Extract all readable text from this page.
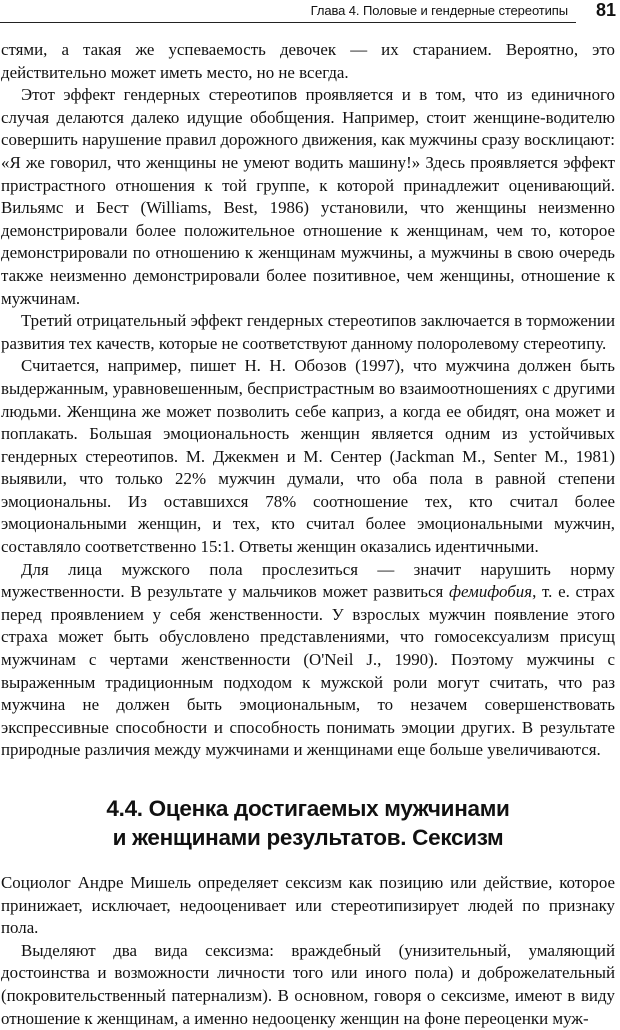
Глава 4. Половые и гендерные стереотипы 81

стями, а такая же успеваемость девочек — их старанием. Вероятно, это действительно может иметь место, но не всегда.

Этот эффект гендерных стереотипов проявляется и в том, что из единичного случая делаются далеко идущие обобщения. Например, стоит женщине-водителю совершить нарушение правил дорожного движения, как мужчины сразу восклицают: «Я же говорил, что женщины не умеют водить машину!» Здесь проявляется эффект пристрастного отношения к той группе, к которой принадлежит оценивающий. Вильямс и Бест (Williams, Best, 1986) установили, что женщины неизменно демонстрировали более положительное отношение к женщинам, чем то, которое демонстрировали по отношению к женщинам мужчины, а мужчины в свою очередь также неизменно демонстрировали более позитивное, чем женщины, отношение к мужчинам.

Третий отрицательный эффект гендерных стереотипов заключается в торможении развития тех качеств, которые не соответствуют данному полоролевому стереотипу.

Считается, например, пишет Н. Н. Обозов (1997), что мужчина должен быть выдержанным, уравновешенным, беспристрастным во взаимоотношениях с другими людьми. Женщина же может позволить себе каприз, а когда ее обидят, она может и поплакать. Большая эмоциональность женщин является одним из устойчивых гендерных стереотипов. М. Джекмен и М. Сентер (Jackman M., Senter M., 1981) выявили, что только 22% мужчин думали, что оба пола в равной степени эмоциональны. Из оставшихся 78% соотношение тех, кто считал более эмоциональными женщин, и тех, кто считал более эмоциональными мужчин, составляло соответственно 15:1. Ответы женщин оказались идентичными.

Для лица мужского пола прослезиться — значит нарушить норму мужественности. В результате у мальчиков может развиться фемифобия, т. е. страх перед проявлением у себя женственности. У взрослых мужчин появление этого страха может быть обусловлено представлениями, что гомосексуализм присущ мужчинам с чертами женственности (O'Neil J., 1990). Поэтому мужчины с выраженным традиционным подходом к мужской роли могут считать, что раз мужчина не должен быть эмоциональным, то незачем совершенствовать экспрессивные способности и способность понимать эмоции других. В результате природные различия между мужчинами и женщинами еще больше увеличиваются.

4.4. Оценка достигаемых мужчинами
и женщинами результатов. Сексизм

Социолог Андре Мишель определяет сексизм как позицию или действие, которое принижает, исключает, недооценивает или стереотипизирует людей по признаку пола.

Выделяют два вида сексизма: враждебный (унизительный, умаляющий достоинства и возможности личности того или иного пола) и доброжелательный (покровительственный патернализм). В основном, говоря о сексизме, имеют в виду отношение к женщинам, а именно недооценку женщин на фоне переоценки муж-
